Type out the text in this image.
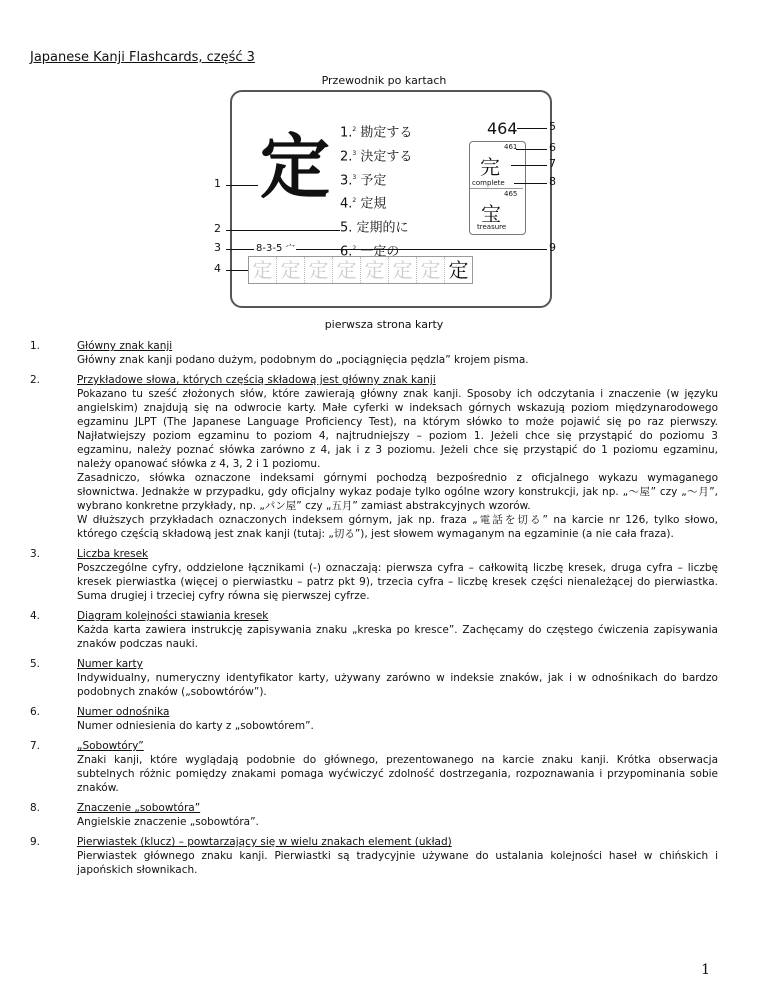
Japanese Kanji Flashcards, część 3
Przewodnik po kartach
定 1.$^2$ 勘定する
2.$^3$ 決定する
3.$^3$ 予定
4.$^2$ 定規
5. 定期的に
6.$^2$ 一定の
464
461
完
complete
465
宝
treasure
8-3-5 宀
定 定 定 定 定 定 定 定
1
2
3
4
5
6
7
8
9
pierwsza strona karty
1.	Główny znak kanji
Główny znak kanji podano dużym, podobnym do „pociągnięcia pędzla” krojem pisma.
2.	Przykładowe słowa, których częścią składową jest główny znak kanji
Pokazano tu sześć złożonych słów, które zawierają główny znak kanji. Sposoby ich odczytania i znaczenie (w języku angielskim) znajdują się na odwrocie karty. Małe cyferki w indeksach górnych wskazują poziom międzynarodowego egzaminu JLPT (The Japanese Language Proficiency Test), na którym słówko to może pojawić się po raz pierwszy. Najłatwiejszy poziom egzaminu to poziom 4, najtrudniejszy – poziom 1. Jeżeli chce się przystąpić do poziomu 3 egzaminu, należy poznać słówka zarówno z 4, jak i z 3 poziomu. Jeżeli chce się przystąpić do 1 poziomu egzaminu, należy opanować słówka z 4, 3, 2 i 1 poziomu.
Zasadniczo, słówka oznaczone indeksami górnymi pochodzą bezpośrednio z oficjalnego wykazu wymaganego słownictwa. Jednakże w przypadku, gdy oficjalny wykaz podaje tylko ogólne wzory konstrukcji, jak np. „～屋” czy „～月”, wybrano konkretne przykłady, np. „パン屋” czy „五月” zamiast abstrakcyjnych wzorów.
W dłuższych przykładach oznaczonych indeksem górnym, jak np. fraza „電話を切る” na karcie nr 126, tylko słowo, którego częścią składową jest znak kanji (tutaj: „切る”), jest słowem wymaganym na egzaminie (a nie cała fraza).
3.	Liczba kresek
Poszczególne cyfry, oddzielone łącznikami (-) oznaczają: pierwsza cyfra – całkowitą liczbę kresek, druga cyfra – liczbę kresek pierwiastka (więcej o pierwiastku – patrz pkt 9), trzecia cyfra – liczbę kresek części nienależącej do pierwiastka. Suma drugiej i trzeciej cyfry równa się pierwszej cyfrze.
4.	Diagram kolejności stawiania kresek
Każda karta zawiera instrukcję zapisywania znaku „kreska po kresce”. Zachęcamy do częstego ćwiczenia zapisywania znaków podczas nauki.
5.	Numer karty
Indywidualny, numeryczny identyfikator karty, używany zarówno w indeksie znaków, jak i w odnośnikach do bardzo podobnych znaków („sobowtórów”).
6.	Numer odnośnika
Numer odniesienia do karty z „sobowtórem”.
7.	„Sobowtóry”
Znaki kanji, które wyglądają podobnie do głównego, prezentowanego na karcie znaku kanji. Krótka obserwacja subtelnych różnic pomiędzy znakami pomaga wyćwiczyć zdolność dostrzegania, rozpoznawania i przypominania sobie znaków.
8.	Znaczenie „sobowtóra”
Angielskie znaczenie „sobowtóra”.
9.	Pierwiastek (klucz) – powtarzający się w wielu znakach element (układ)
Pierwiastek głównego znaku kanji. Pierwiastki są tradycyjnie używane do ustalania kolejności haseł w chińskich i japońskich słownikach.
1
